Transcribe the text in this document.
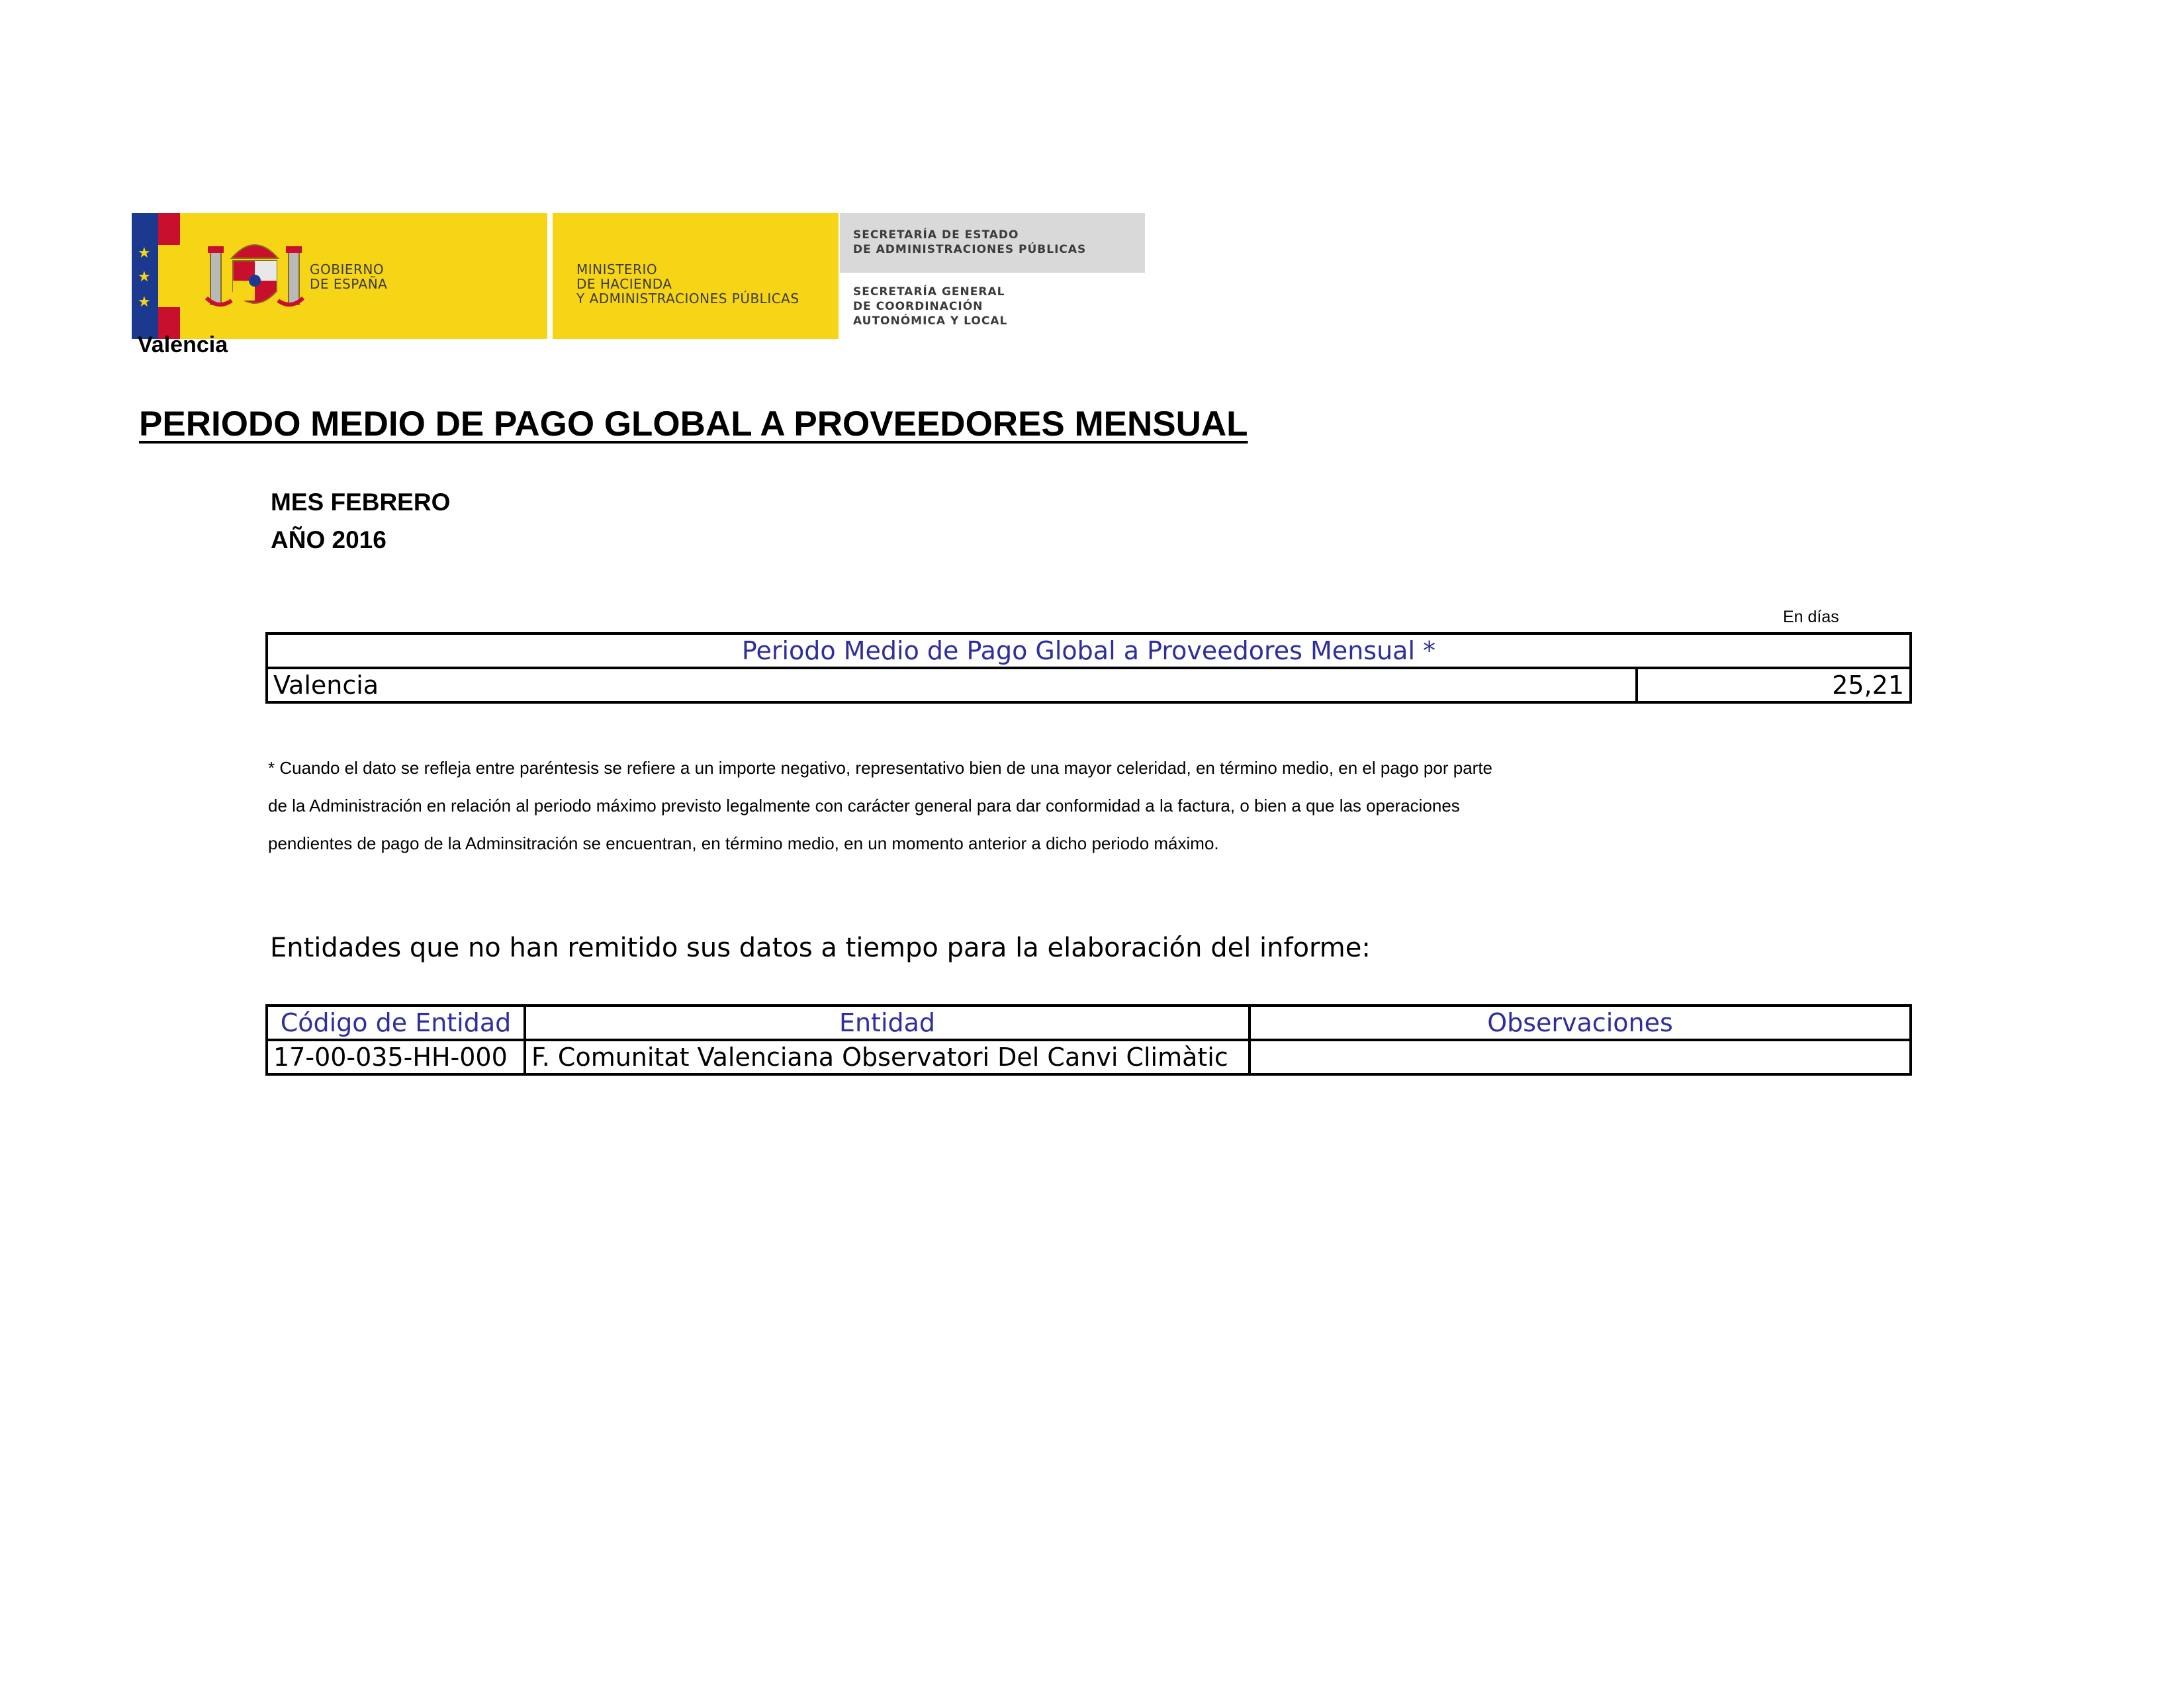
★
★
★
GOBIERNO
DE ESPAÑA
MINISTERIO
DE HACIENDA
Y ADMINISTRACIONES PÚBLICAS
SECRETARÍA DE ESTADO
DE ADMINISTRACIONES PÚBLICAS
SECRETARÍA GENERAL
DE COORDINACIÓN
AUTONÓMICA Y LOCAL
Valencia
PERIODO MEDIO DE PAGO GLOBAL A PROVEEDORES MENSUAL
MES FEBRERO
AÑO 2016
En días
Periodo Medio de Pago Global a Proveedores Mensual *
Valencia	25,21
* Cuando el dato se refleja entre paréntesis se refiere a un importe negativo, representativo bien de una mayor celeridad, en término medio, en el pago por parte
de la Administración en relación al periodo máximo previsto legalmente con carácter general para dar conformidad a la factura, o bien a que las operaciones
pendientes de pago de la Adminsitración se encuentran, en término medio, en un momento anterior a dicho periodo máximo.
Entidades que no han remitido sus datos a tiempo para la elaboración del informe:
Código de Entidad	Entidad	Observaciones
17-00-035-HH-000	F. Comunitat Valenciana Observatori Del Canvi Climàtic	
